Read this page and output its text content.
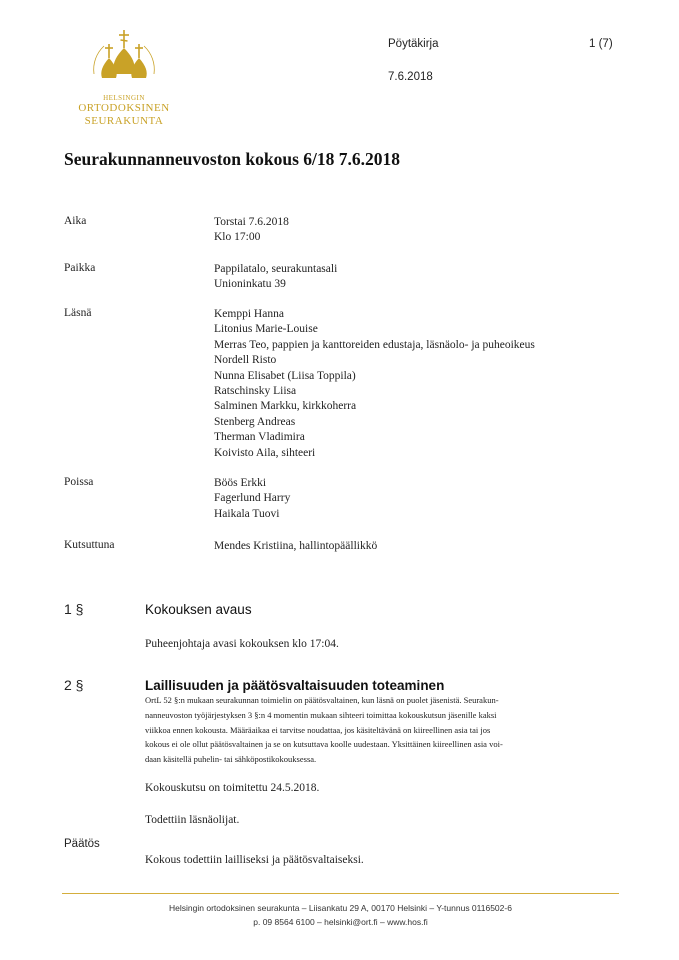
HELSINGIN
ORTODOKSINEN
SEURAKUNTA
Pöytäkirja	1 (7)
7.6.2018
Seurakunnanneuvoston kokous 6/18 7.6.2018
Aika	Torstai 7.6.2018
Klo 17:00
Paikka	Pappilatalo, seurakuntasali
Unioninkatu 39
Läsnä	Kemppi Hanna
Litonius Marie-Louise
Merras Teo, pappien ja kanttoreiden edustaja, läsnäolo- ja puheoikeus
Nordell Risto
Nunna Elisabet (Liisa Toppila)
Ratschinsky Liisa
Salminen Markku, kirkkoherra
Stenberg Andreas
Therman Vladimira
Koivisto Aila, sihteeri
Poissa	Böös Erkki
Fagerlund Harry
Haikala Tuovi
Kutsuttuna	Mendes Kristiina, hallintopäällikkö
1 §	Kokouksen avaus
Puheenjohtaja avasi kokouksen klo 17:04.
2 §	Laillisuuden ja päätösvaltaisuuden toteaminen
OrtL 52 §:n mukaan seurakunnan toimielin on päätösvaltainen, kun läsnä on puolet jäsenistä. Seurakun-
nanneuvoston työjärjestyksen 3 §:n 4 momentin mukaan sihteeri toimittaa kokouskutsun jäsenille kaksi
viikkoa ennen kokousta. Määräaikaa ei tarvitse noudattaa, jos käsiteltävänä on kiireellinen asia tai jos
kokous ei ole ollut päätösvaltainen ja se on kutsuttava koolle uudestaan. Yksittäinen kiireellinen asia voi-
daan käsitellä puhelin- tai sähköpostikokouksessa.
Kokouskutsu on toimitettu 24.5.2018.
Todettiin läsnäolijat.
Päätös
Kokous todettiin lailliseksi ja päätösvaltaiseksi.
Helsingin ortodoksinen seurakunta – Liisankatu 29 A, 00170 Helsinki – Y-tunnus 0116502-6
p. 09 8564 6100 – helsinki@ort.fi – www.hos.fi
